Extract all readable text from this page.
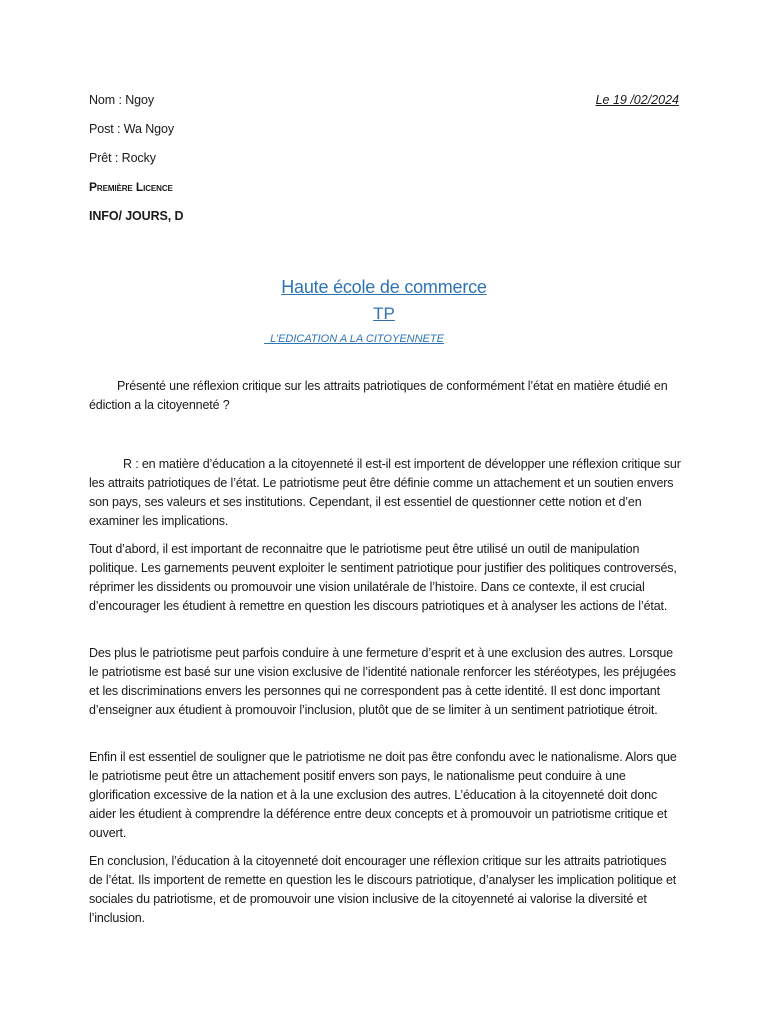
Nom : Ngoy	Le 19 /02/2024
Post : Wa Ngoy
Prêt : Rocky
Première Licence
INFO/ JOURS, D
Haute école de commerce
TP
L’EDICATION A LA CITOYENNETE

Présenté une réflexion critique sur les attraits patriotiques de conformément l’état en matière étudié en édiction a la citoyenneté ?

R : en matière d’éducation a la citoyenneté il est-il est importent de développer une réflexion critique sur les attraits patriotiques de l’état. Le patriotisme peut être définie comme un attachement et un soutien envers son pays, ses valeurs et ses institutions. Cependant, il est essentiel de questionner cette notion et d’en examiner les implications.

Tout d’abord, il est important de reconnaitre que le patriotisme peut être utilisé un outil de manipulation politique. Les garnements peuvent exploiter le sentiment patriotique pour justifier des politiques controversés, réprimer les dissidents ou promouvoir une vision unilatérale de l’histoire. Dans ce contexte, il est crucial d’encourager les étudient à remettre en question les discours patriotiques et à analyser les actions de l’état.

Des plus le patriotisme peut parfois conduire à une fermeture d’esprit et à une exclusion des autres. Lorsque le patriotisme est basé sur une vision exclusive de l’identité nationale renforcer les stéréotypes, les préjugées et les discriminations envers les personnes qui ne correspondent pas à cette identité. Il est donc important d’enseigner aux étudient à promouvoir l’inclusion, plutôt que de se limiter à un sentiment patriotique étroit.

Enfin il est essentiel de souligner que le patriotisme ne doit pas être confondu avec le nationalisme. Alors que le patriotisme peut être un attachement positif envers son pays, le nationalisme peut conduire à une glorification excessive de la nation et à la une exclusion des autres. L’éducation à la citoyenneté doit donc aider les étudient à comprendre la déférence entre deux concepts et à promouvoir un patriotisme critique et ouvert.

En conclusion, l’éducation à la citoyenneté doit encourager une réflexion critique sur les attraits patriotiques de l’état. Ils importent de remette en question les le discours patriotique, d’analyser les implication politique et sociales du patriotisme, et de promouvoir une vision inclusive de la citoyenneté ai valorise la diversité et l’inclusion.
